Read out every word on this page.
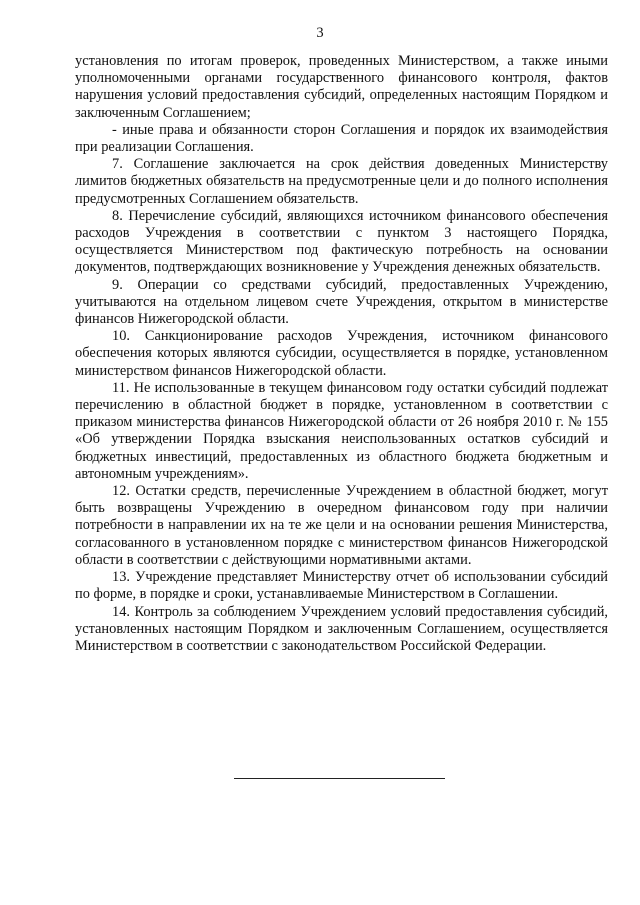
3

установления по итогам проверок, проведенных Министерством, а также иными уполномоченными органами государственного финансового контроля, фактов нарушения условий предоставления субсидий, определенных настоящим Порядком и заключенным Соглашением;

- иные права и обязанности сторон Соглашения и порядок их взаимодействия при реализации Соглашения.

7. Соглашение заключается на срок действия доведенных Министерству лимитов бюджетных обязательств на предусмотренные цели и до полного исполнения предусмотренных Соглашением обязательств.

8. Перечисление субсидий, являющихся источником финансового обеспечения расходов Учреждения в соответствии с пунктом 3 настоящего Порядка, осуществляется Министерством под фактическую потребность на основании документов, подтверждающих возникновение у Учреждения денежных обязательств.

9. Операции со средствами субсидий, предоставленных Учреждению, учитываются на отдельном лицевом счете Учреждения, открытом в министерстве финансов Нижегородской области.

10. Санкционирование расходов Учреждения, источником финансового обеспечения которых являются субсидии, осуществляется в порядке, установленном министерством финансов Нижегородской области.

11. Не использованные в текущем финансовом году остатки субсидий подлежат перечислению в областной бюджет в порядке, установленном в соответствии с приказом министерства финансов Нижегородской области от 26 ноября 2010 г. № 155 «Об утверждении Порядка взыскания неиспользованных остатков субсидий и бюджетных инвестиций, предоставленных из областного бюджета бюджетным и автономным учреждениям».

12. Остатки средств, перечисленные Учреждением в областной бюджет, могут быть возвращены Учреждению в очередном финансовом году при наличии потребности в направлении их на те же цели и на основании решения Министерства, согласованного в установленном порядке с министерством финансов Нижегородской области в соответствии с действующими нормативными актами.

13. Учреждение представляет Министерству отчет об использовании субсидий по форме, в порядке и сроки, устанавливаемые Министерством в Соглашении.

14. Контроль за соблюдением Учреждением условий предоставления субсидий, установленных настоящим Порядком и заключенным Соглашением, осуществляется Министерством в соответствии с законодательством Российской Федерации.
